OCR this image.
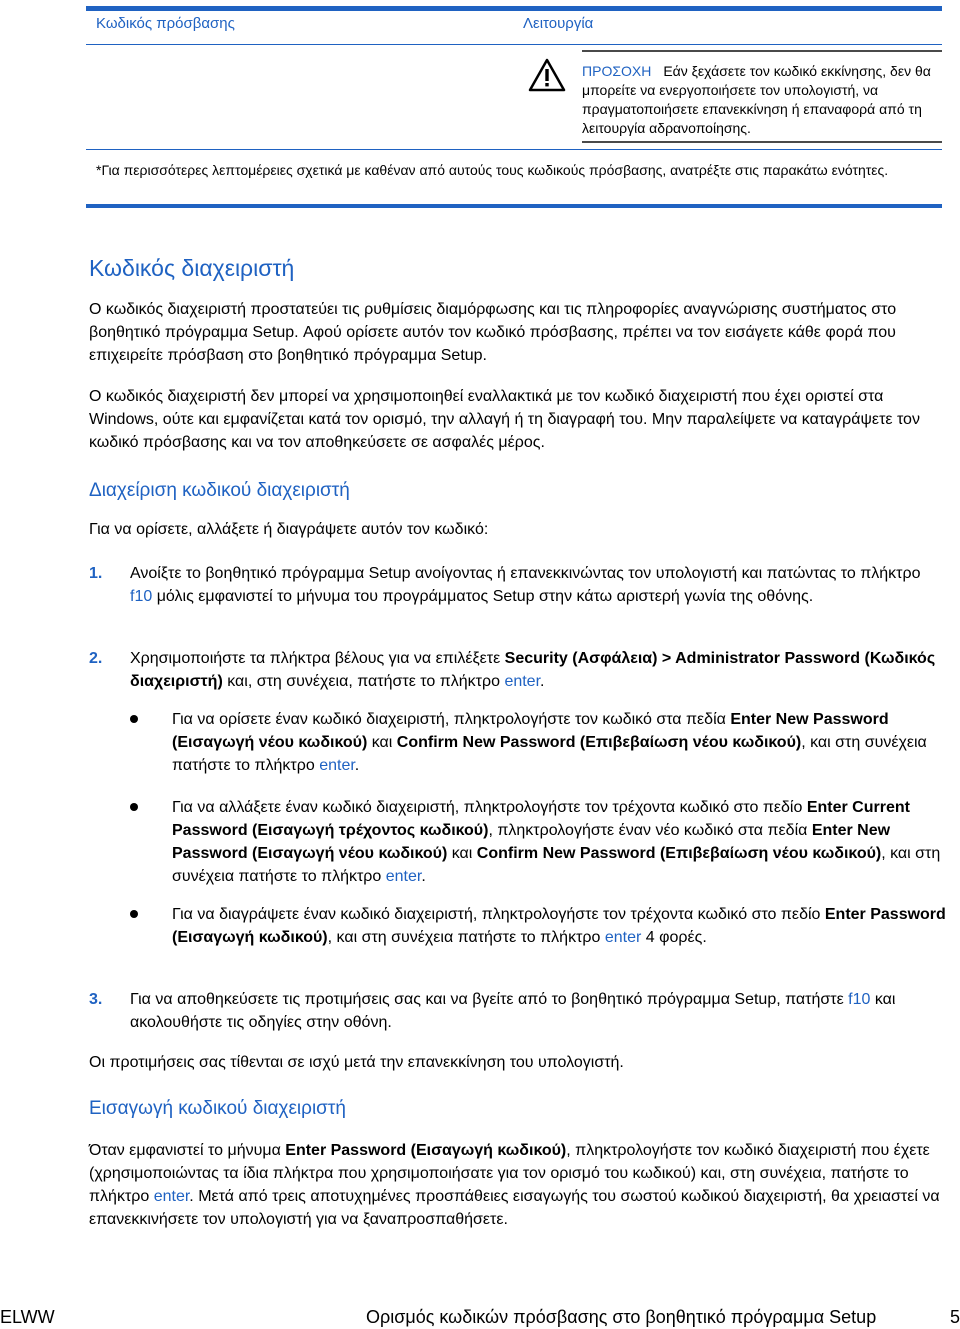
Κωδικός πρόσβασης	Λειτουργία
ΠΡΟΣΟΧΗ Εάν ξεχάσετε τον κωδικό εκκίνησης, δεν θα μπορείτε να ενεργοποιήσετε τον υπολογιστή, να πραγματοποιήσετε επανεκκίνηση ή επαναφορά από τη λειτουργία αδρανοποίησης.
*Για περισσότερες λεπτομέρειες σχετικά με καθέναν από αυτούς τους κωδικούς πρόσβασης, ανατρέξτε στις παρακάτω ενότητες.
Κωδικός διαχειριστή
Ο κωδικός διαχειριστή προστατεύει τις ρυθμίσεις διαμόρφωσης και τις πληροφορίες αναγνώρισης συστήματος στο βοηθητικό πρόγραμμα Setup. Αφού ορίσετε αυτόν τον κωδικό πρόσβασης, πρέπει να τον εισάγετε κάθε φορά που επιχειρείτε πρόσβαση στο βοηθητικό πρόγραμμα Setup.
Ο κωδικός διαχειριστή δεν μπορεί να χρησιμοποιηθεί εναλλακτικά με τον κωδικό διαχειριστή που έχει οριστεί στα Windows, ούτε και εμφανίζεται κατά τον ορισμό, την αλλαγή ή τη διαγραφή του. Μην παραλείψετε να καταγράψετε τον κωδικό πρόσβασης και να τον αποθηκεύσετε σε ασφαλές μέρος.
Διαχείριση κωδικού διαχειριστή
Για να ορίσετε, αλλάξετε ή διαγράψετε αυτόν τον κωδικό:
1. Ανοίξτε το βοηθητικό πρόγραμμα Setup ανοίγοντας ή επανεκκινώντας τον υπολογιστή και πατώντας το πλήκτρο f10 μόλις εμφανιστεί το μήνυμα του προγράμματος Setup στην κάτω αριστερή γωνία της οθόνης.
2. Χρησιμοποιήστε τα πλήκτρα βέλους για να επιλέξετε Security (Ασφάλεια) > Administrator Password (Κωδικός διαχειριστή) και, στη συνέχεια, πατήστε το πλήκτρο enter.
Για να ορίσετε έναν κωδικό διαχειριστή, πληκτρολογήστε τον κωδικό στα πεδία Enter New Password (Εισαγωγή νέου κωδικού) και Confirm New Password (Επιβεβαίωση νέου κωδικού), και στη συνέχεια πατήστε το πλήκτρο enter.
Για να αλλάξετε έναν κωδικό διαχειριστή, πληκτρολογήστε τον τρέχοντα κωδικό στο πεδίο Enter Current Password (Εισαγωγή τρέχοντος κωδικού), πληκτρολογήστε έναν νέο κωδικό στα πεδία Enter New Password (Εισαγωγή νέου κωδικού) και Confirm New Password (Επιβεβαίωση νέου κωδικού), και στη συνέχεια πατήστε το πλήκτρο enter.
Για να διαγράψετε έναν κωδικό διαχειριστή, πληκτρολογήστε τον τρέχοντα κωδικό στο πεδίο Enter Password (Εισαγωγή κωδικού), και στη συνέχεια πατήστε το πλήκτρο enter 4 φορές.
3. Για να αποθηκεύσετε τις προτιμήσεις σας και να βγείτε από το βοηθητικό πρόγραμμα Setup, πατήστε f10 και ακολουθήστε τις οδηγίες στην οθόνη.
Οι προτιμήσεις σας τίθενται σε ισχύ μετά την επανεκκίνηση του υπολογιστή.
Εισαγωγή κωδικού διαχειριστή
Όταν εμφανιστεί το μήνυμα Enter Password (Εισαγωγή κωδικού), πληκτρολογήστε τον κωδικό διαχειριστή που έχετε (χρησιμοποιώντας τα ίδια πλήκτρα που χρησιμοποιήσατε για τον ορισμό του κωδικού) και, στη συνέχεια, πατήστε το πλήκτρο enter. Μετά από τρεις αποτυχημένες προσπάθειες εισαγωγής του σωστού κωδικού διαχειριστή, θα χρειαστεί να επανεκκινήσετε τον υπολογιστή για να ξαναπροσπαθήσετε.
ELWW	Ορισμός κωδικών πρόσβασης στο βοηθητικό πρόγραμμα Setup	5
